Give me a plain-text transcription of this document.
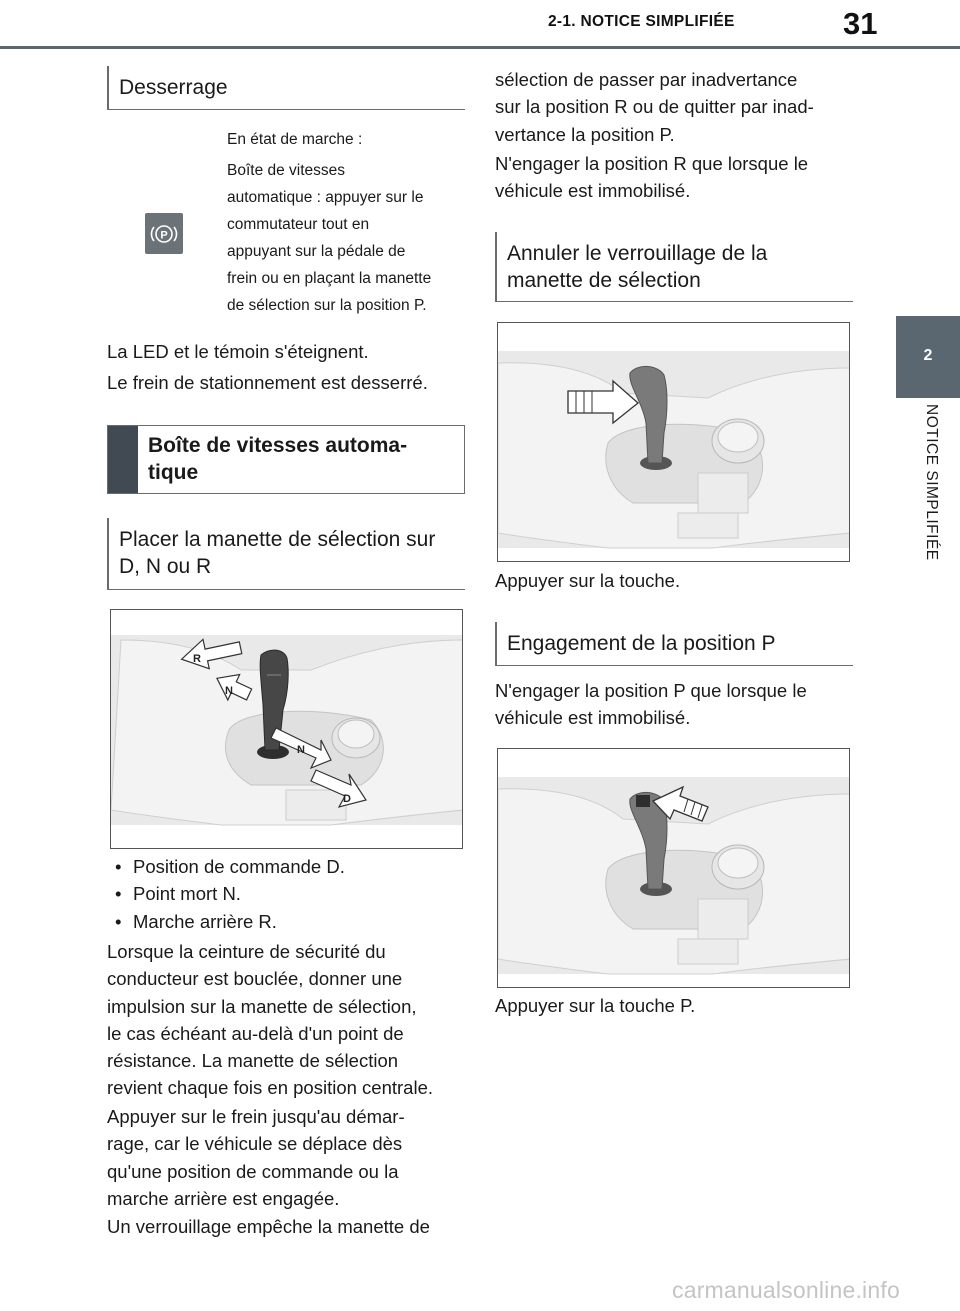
2-1. NOTICE SIMPLIFIÉE	31
2
NOTICE SIMPLIFIÉE
Desserrage
P
En état de marche :
Boîte de vitesses
automatique : appuyer sur le
commutateur tout en
appuyant sur la pédale de
frein ou en plaçant la manette
de sélection sur la position P.
La LED et le témoin s'éteignent.
Le frein de stationnement est desserré.
Boîte de vitesses automa-
tique
Placer la manette de sélection sur
D, N ou R
R
N
N
D
• Position de commande D.
• Point mort N.
• Marche arrière R.
Lorsque la ceinture de sécurité du
conducteur est bouclée, donner une
impulsion sur la manette de sélection,
le cas échéant au-delà d'un point de
résistance. La manette de sélection
revient chaque fois en position centrale.
Appuyer sur le frein jusqu'au démar-
rage, car le véhicule se déplace dès
qu'une position de commande ou la
marche arrière est engagée.
Un verrouillage empêche la manette de
sélection de passer par inadvertance
sur la position R ou de quitter par inad-
vertance la position P.
N'engager la position R que lorsque le
véhicule est immobilisé.
Annuler le verrouillage de la
manette de sélection
Appuyer sur la touche.
Engagement de la position P
N'engager la position P que lorsque le
véhicule est immobilisé.
Appuyer sur la touche P.
carmanualsonline.info
